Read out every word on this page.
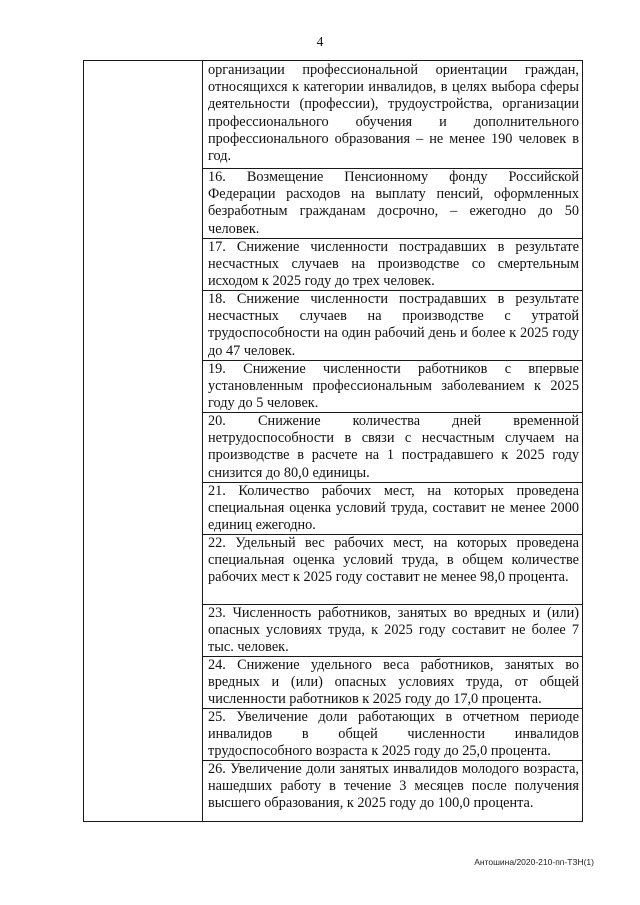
4
организации профессиональной ориентации граждан, относящихся к категории инвалидов, в целях выбора сферы деятельности (профессии), трудоустройства, организации профессионального обучения и дополнительного профессионального образования – не менее 190 человек в год.
16. Возмещение Пенсионному фонду Российской Федерации расходов на выплату пенсий, оформленных безработным гражданам досрочно, – ежегодно до 50 человек.
17. Снижение численности пострадавших в результате несчастных случаев на производстве со смертельным исходом к 2025 году до трех человек.
18. Снижение численности пострадавших в результате несчастных случаев на производстве с утратой трудоспособности на один рабочий день и более к 2025 году до 47 человек.
19. Снижение численности работников с впервые установленным профессиональным заболеванием к 2025 году до 5 человек.
20. Снижение количества дней временной нетрудоспособности в связи с несчастным случаем на производстве в расчете на 1 пострадавшего к 2025 году снизится до 80,0 единицы.
21. Количество рабочих мест, на которых проведена специальная оценка условий труда, составит не менее 2000 единиц ежегодно.
22. Удельный вес рабочих мест, на которых проведена специальная оценка условий труда, в общем количестве рабочих мест к 2025 году составит не менее 98,0 процента.
23. Численность работников, занятых во вредных и (или) опасных условиях труда, к 2025 году составит не более 7 тыс. человек.
24. Снижение удельного веса работников, занятых во вредных и (или) опасных условиях труда, от общей численности работников к 2025 году до 17,0 процента.
25. Увеличение доли работающих в отчетном периоде инвалидов в общей численности инвалидов трудоспособного возраста к 2025 году до 25,0 процента.
26. Увеличение доли занятых инвалидов молодого возраста, нашедших работу в течение 3 месяцев после получения высшего образования, к 2025 году до 100,0 процента.
Антошина/2020-210-пп-ТЗН(1)
